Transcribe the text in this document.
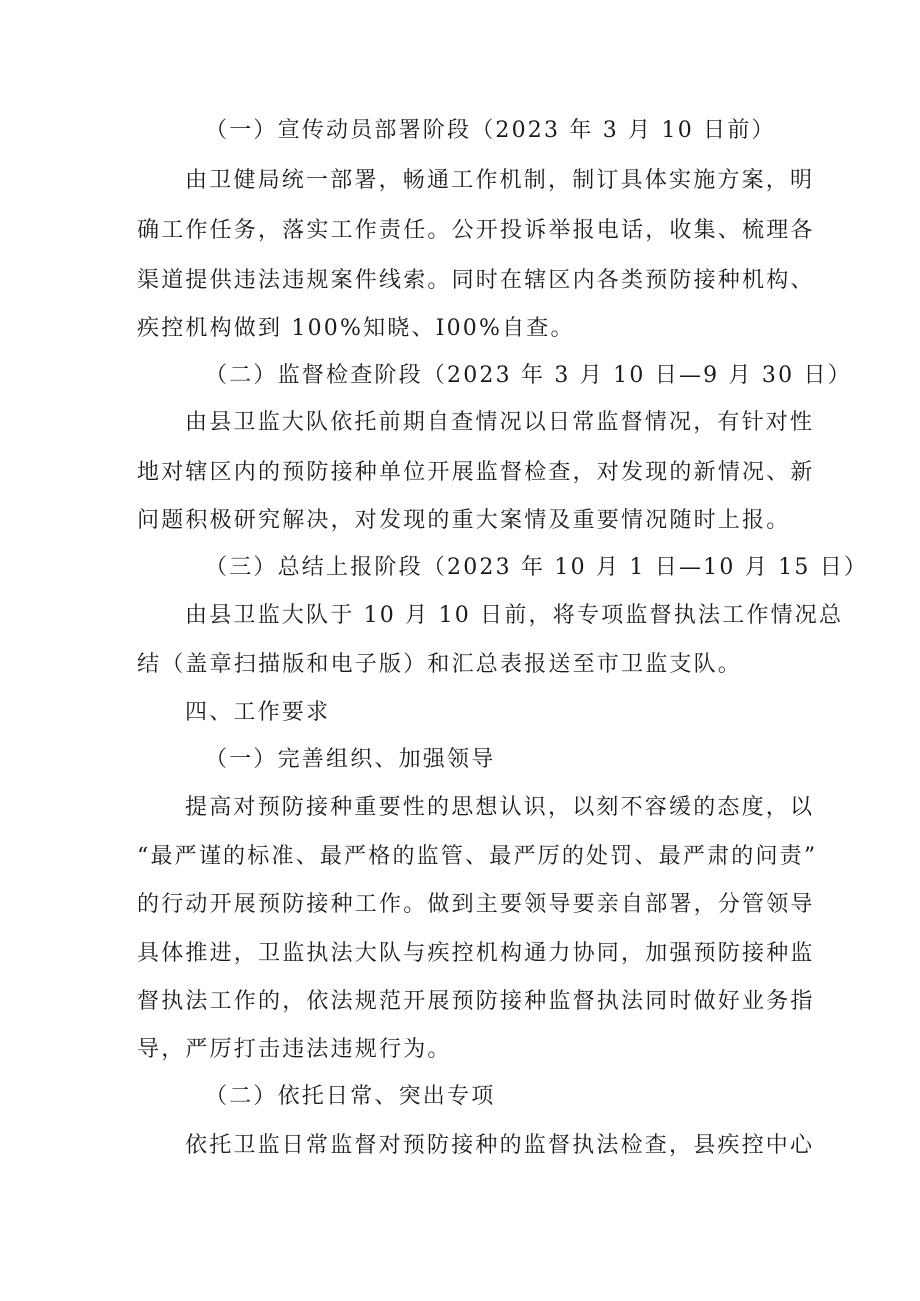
（一）宣传动员部署阶段（2023 年 3 月 10 日前）
由卫健局统一部署，畅通工作机制，制订具体实施方案，明
确工作任务，落实工作责任。公开投诉举报电话，收集、梳理各
渠道提供违法违规案件线索。同时在辖区内各类预防接种机构、
疾控机构做到 100%知晓、I00%自查。
（二）监督检查阶段（2023 年 3 月 10 日—9 月 30 日）
由县卫监大队依托前期自查情况以日常监督情况，有针对性
地对辖区内的预防接种单位开展监督检查，对发现的新情况、新
问题积极研究解决，对发现的重大案情及重要情况随时上报。
（三）总结上报阶段（2023 年 10 月 1 日—10 月 15 日）
由县卫监大队于 10 月 10 日前，将专项监督执法工作情况总
结（盖章扫描版和电子版）和汇总表报送至市卫监支队。
四、工作要求
（一）完善组织、加强领导
提高对预防接种重要性的思想认识，以刻不容缓的态度，以
“最严谨的标准、最严格的监管、最严厉的处罚、最严肃的问责”
的行动开展预防接种工作。做到主要领导要亲自部署，分管领导
具体推进，卫监执法大队与疾控机构通力协同，加强预防接种监
督执法工作的，依法规范开展预防接种监督执法同时做好业务指
导，严厉打击违法违规行为。
（二）依托日常、突出专项
依托卫监日常监督对预防接种的监督执法检查，县疾控中心
